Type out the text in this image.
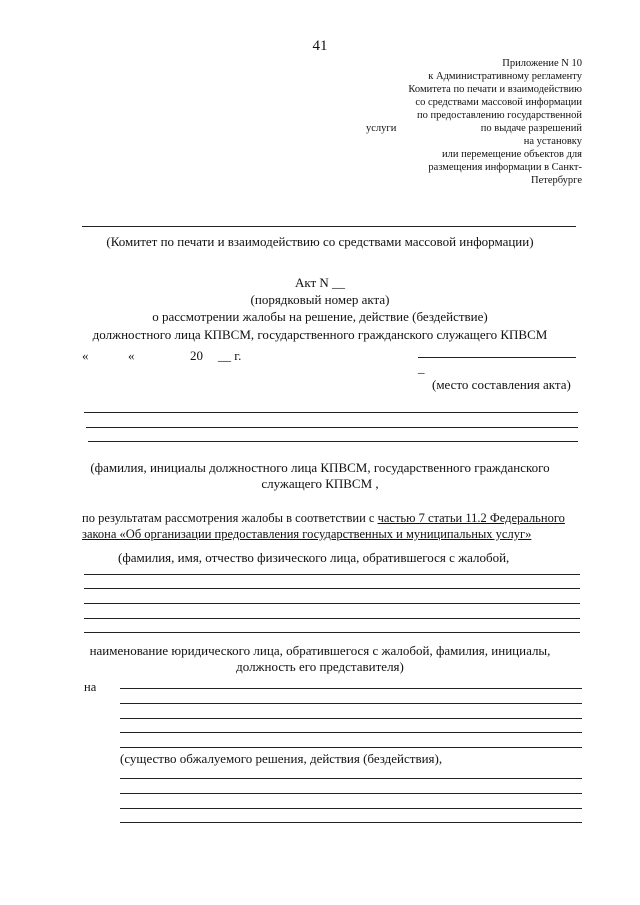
41
Приложение N 10
к Административному регламенту
Комитета по печати и взаимодействию
со средствами массовой информации
по предоставлению государственной
услуги	по выдаче разрешений
на установку
или перемещение объектов для
размещения информации в Санкт-
Петербурге
(Комитет по печати и взаимодействию со средствами массовой информации)
Акт N __
(порядковый номер акта)
о рассмотрении жалобы на решение, действие (бездействие)
должностного лица КПВСМ, государственного гражданского служащего КПВСМ
«	«	20 __ г.
_
(место составления акта)
(фамилия, инициалы должностного лица КПВСМ, государственного гражданского
служащего КПВСМ ,
по результатам рассмотрения жалобы в соответствии с частью 7 статьи 11.2 Федерального
закона «Об организации предоставления государственных и муниципальных услуг»
(фамилия, имя, отчество физического лица, обратившегося с жалобой,
наименование юридического лица, обратившегося с жалобой, фамилия, инициалы,
должность его представителя)
на
(существо обжалуемого решения, действия (бездействия),
